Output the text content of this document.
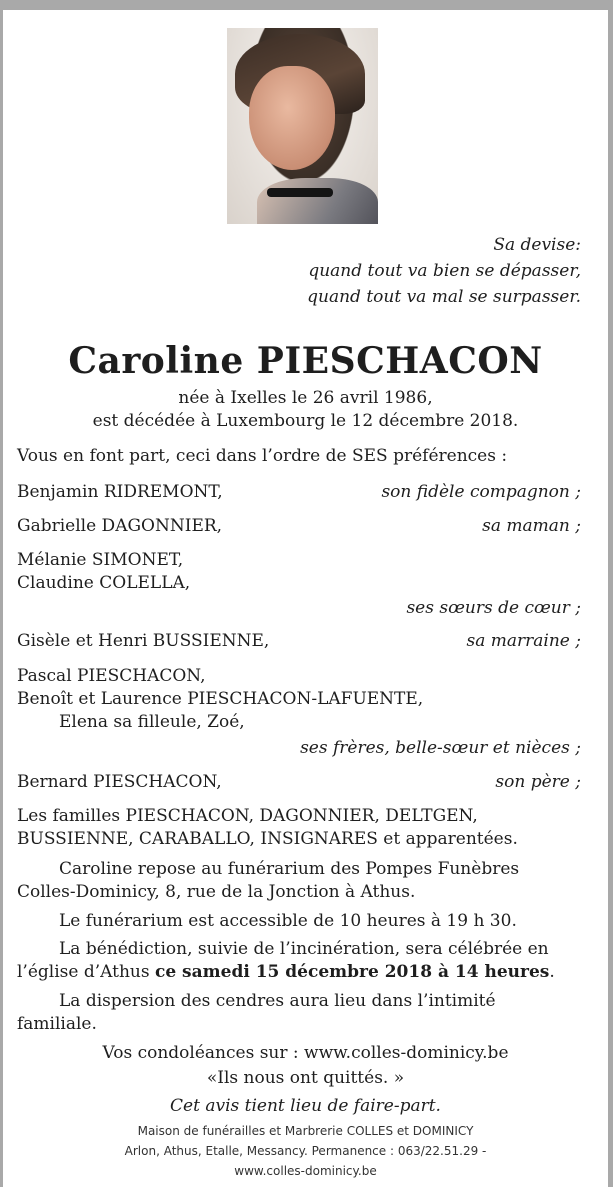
Sa devise:
quand tout va bien se dépasser,
quand tout va mal se surpasser.
Caroline PIESCHACON
née à Ixelles le 26 avril 1986,
est décédée à Luxembourg le 12 décembre 2018.
Vous en font part, ceci dans l’ordre de SES préférences :
Benjamin RIDREMONT,	son fidèle compagnon ;
Gabrielle DAGONNIER,	sa maman ;
Mélanie SIMONET,
Claudine COLELLA,
ses sœurs de cœur ;

Gisèle et Henri BUSSIENNE,	sa marraine ;
Pascal PIESCHACON,
Benoît et Laurence PIESCHACON-LAFUENTE,
Elena sa filleule, Zoé,
ses frères, belle-sœur et nièces ;

Bernard PIESCHACON,	son père ;
Les familles PIESCHACON, DAGONNIER, DELTGEN,
BUSSIENNE, CARABALLO, INSIGNARES et apparentées.
Caroline repose au funérarium des Pompes Funèbres
Colles-Dominicy, 8, rue de la Jonction à Athus.
Le funérarium est accessible de 10 heures à 19 h 30.
La bénédiction, suivie de l’incinération, sera célébrée en
l’église d’Athus ce samedi 15 décembre 2018 à 14 heures.
La dispersion des cendres aura lieu dans l’intimité
familiale.
Vos condoléances sur : www.colles-dominicy.be
«Ils nous ont quittés. »
Cet avis tient lieu de faire-part.
Maison de funérailles et Marbrerie COLLES et DOMINICY
Arlon, Athus, Etalle, Messancy. Permanence : 063/22.51.29 -
www.colles-dominicy.be
